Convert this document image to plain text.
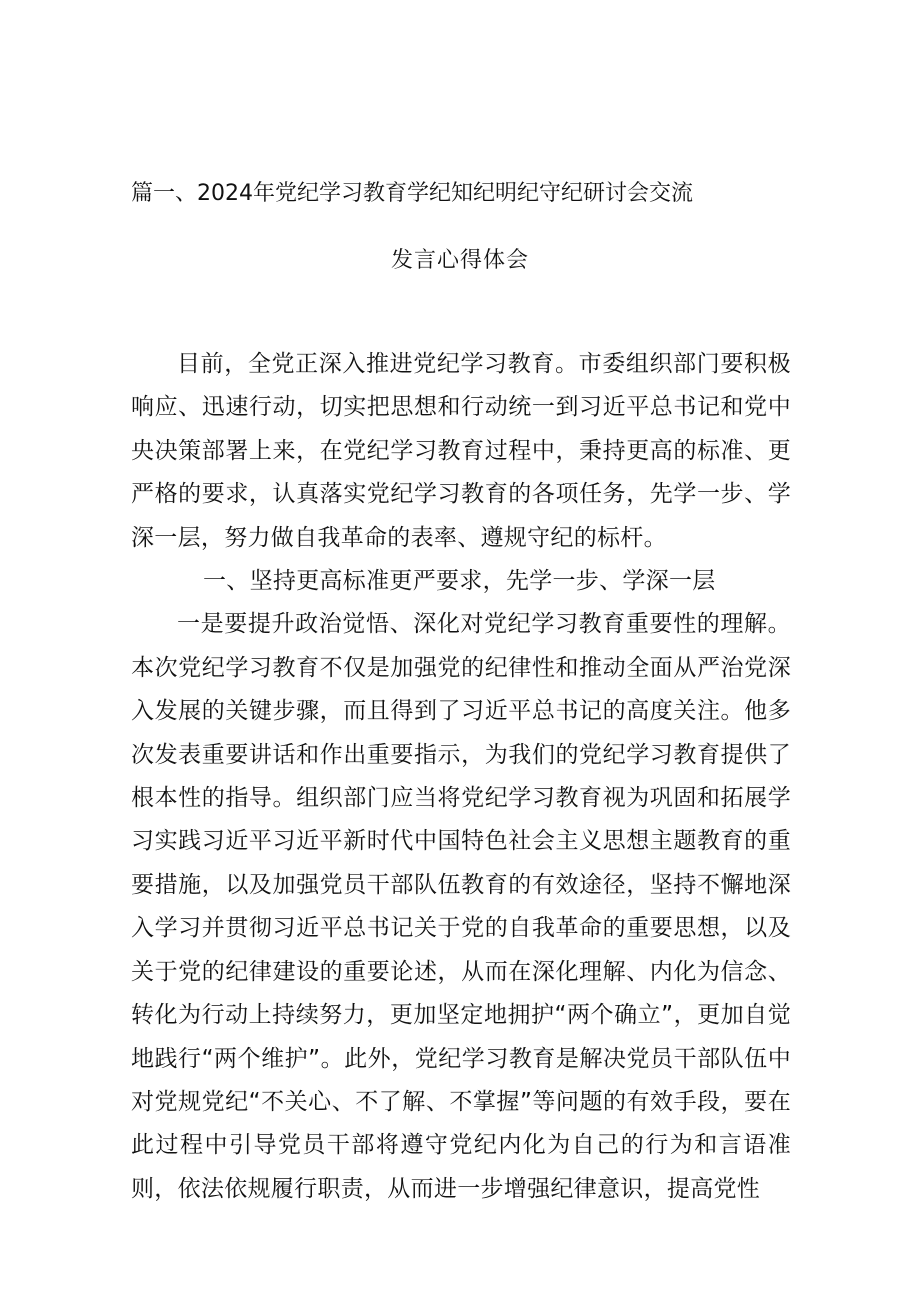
篇一、2024年党纪学习教育学纪知纪明纪守纪研讨会交流
发言心得体会

目前，全党正深入推进党纪学习教育。市委组织部门要积极响应、迅速行动，切实把思想和行动统一到习近平总书记和党中央决策部署上来，在党纪学习教育过程中，秉持更高的标准、更严格的要求，认真落实党纪学习教育的各项任务，先学一步、学深一层，努力做自我革命的表率、遵规守纪的标杆。

一、坚持更高标准更严要求，先学一步、学深一层

一是要提升政治觉悟、深化对党纪学习教育重要性的理解。本次党纪学习教育不仅是加强党的纪律性和推动全面从严治党深入发展的关键步骤，而且得到了习近平总书记的高度关注。他多次发表重要讲话和作出重要指示，为我们的党纪学习教育提供了根本性的指导。组织部门应当将党纪学习教育视为巩固和拓展学习实践习近平习近平新时代中国特色社会主义思想主题教育的重要措施，以及加强党员干部队伍教育的有效途径，坚持不懈地深入学习并贯彻习近平总书记关于党的自我革命的重要思想，以及关于党的纪律建设的重要论述，从而在深化理解、内化为信念、转化为行动上持续努力，更加坚定地拥护“两个确立”，更加自觉地践行“两个维护”。此外，党纪学习教育是解决党员干部队伍中对党规党纪“不关心、不了解、不掌握”等问题的有效手段，要在此过程中引导党员干部将遵守党纪内化为自己的行为和言语准则，依法依规履行职责，从而进一步增强纪律意识，提高党性
